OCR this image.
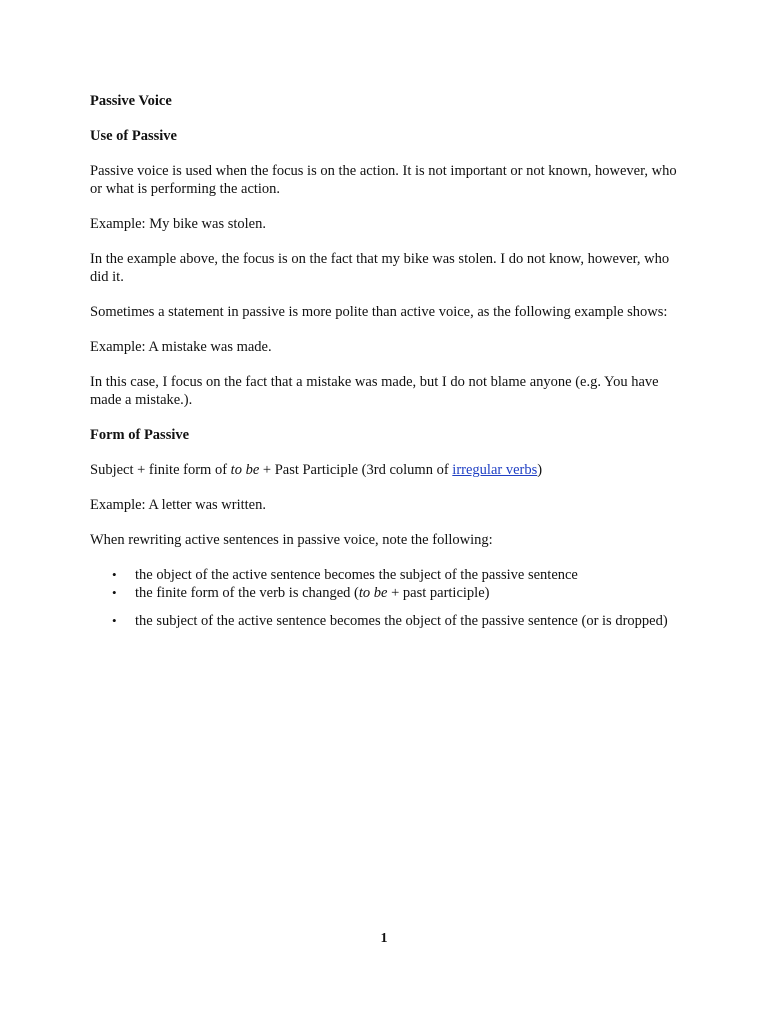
Passive Voice
Use of Passive

Passive voice is used when the focus is on the action. It is not important or not known, however, who or what is performing the action.

Example: My bike was stolen.

In the example above, the focus is on the fact that my bike was stolen. I do not know, however, who did it.

Sometimes a statement in passive is more polite than active voice, as the following example shows:

Example: A mistake was made.

In this case, I focus on the fact that a mistake was made, but I do not blame anyone (e.g. You have made a mistake.).

Form of Passive

Subject + finite form of to be + Past Participle (3rd column of irregular verbs)

Example: A letter was written.

When rewriting active sentences in passive voice, note the following:

• the object of the active sentence becomes the subject of the passive sentence
• the finite form of the verb is changed (to be + past participle)
• the subject of the active sentence becomes the object of the passive sentence (or is dropped)
1
